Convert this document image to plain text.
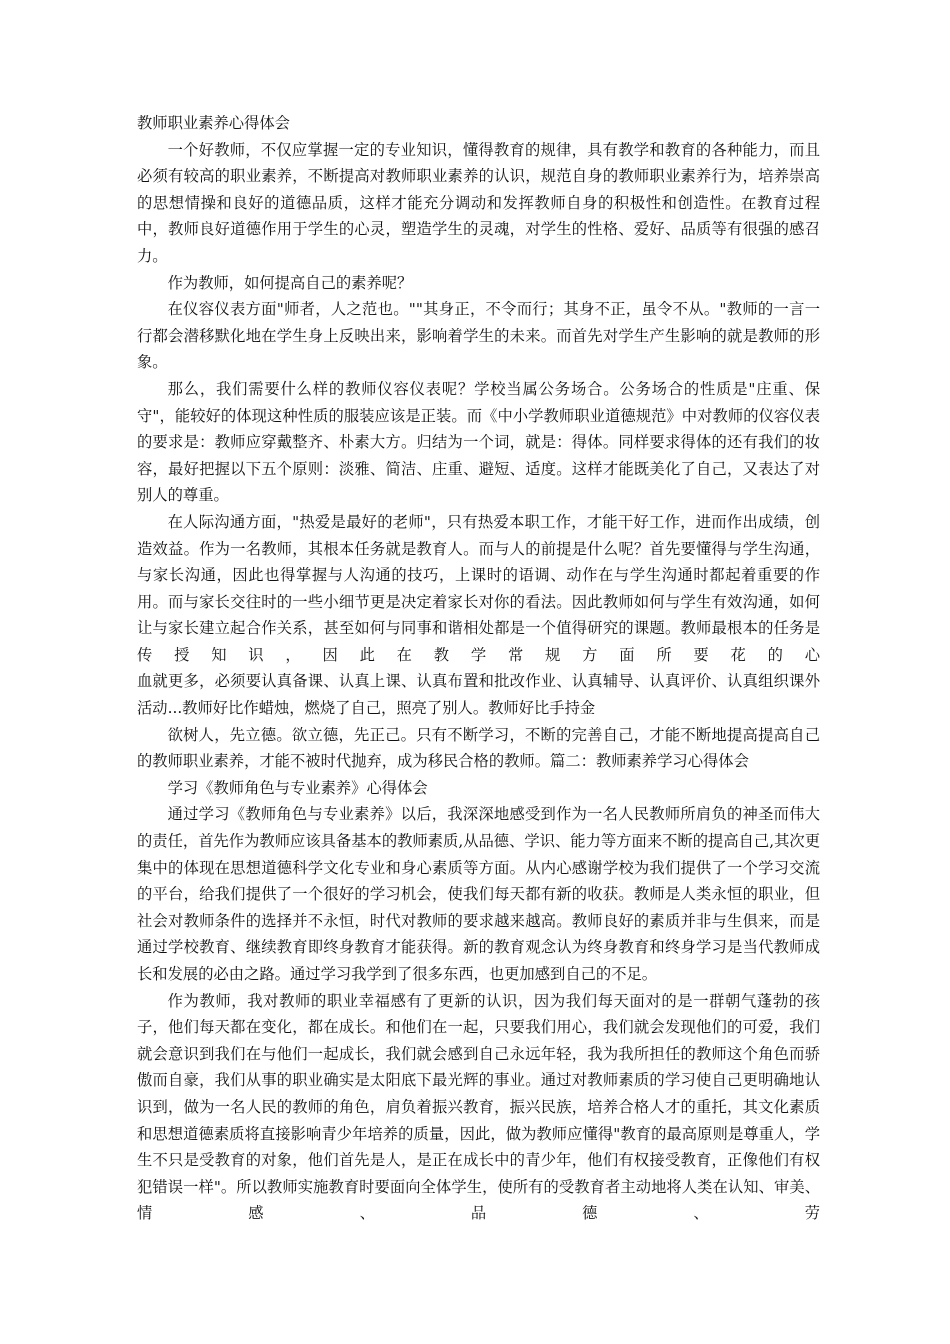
教师职业素养心得体会

一个好教师，不仅应掌握一定的专业知识，懂得教育的规律，具有教学和教育的各种能力，而且必须有较高的职业素养，不断提高对教师职业素养的认识，规范自身的教师职业素养行为，培养崇高的思想情操和良好的道德品质，这样才能充分调动和发挥教师自身的积极性和创造性。在教育过程中，教师良好道德作用于学生的心灵，塑造学生的灵魂，对学生的性格、爱好、品质等有很强的感召力。

作为教师，如何提高自己的素养呢？

在仪容仪表方面"师者，人之范也。""其身正，不令而行；其身不正，虽令不从。"教师的一言一行都会潜移默化地在学生身上反映出来，影响着学生的未来。而首先对学生产生影响的就是教师的形象。

那么，我们需要什么样的教师仪容仪表呢？学校当属公务场合。公务场合的性质是"庄重、保守"，能较好的体现这种性质的服装应该是正装。而《中小学教师职业道德规范》中对教师的仪容仪表的要求是：教师应穿戴整齐、朴素大方。归结为一个词，就是：得体。同样要求得体的还有我们的妆容，最好把握以下五个原则：淡雅、简洁、庄重、避短、适度。这样才能既美化了自己，又表达了对别人的尊重。

在人际沟通方面，"热爱是最好的老师"，只有热爱本职工作，才能干好工作，进而作出成绩，创造效益。作为一名教师，其根本任务就是教育人。而与人的前提是什么呢？首先要懂得与学生沟通，与家长沟通，因此也得掌握与人沟通的技巧，上课时的语调、动作在与学生沟通时都起着重要的作用。而与家长交往时的一些小细节更是决定着家长对你的看法。因此教师如何与学生有效沟通，如何让与家长建立起合作关系，甚至如何与同事和谐相处都是一个值得研究的课题。教师最根本的任务是传授知识，因此在教学常规方面所要花的心

血就更多，必须要认真备课、认真上课、认真布置和批改作业、认真辅导、认真评价、认真组织课外活动...教师好比作蜡烛，燃烧了自己，照亮了别人。教师好比手持金

欲树人，先立德。欲立德，先正己。只有不断学习，不断的完善自己，才能不断地提高提高自己的教师职业素养，才能不被时代抛弃，成为移民合格的教师。篇二：教师素养学习心得体会

学习《教师角色与专业素养》心得体会

通过学习《教师角色与专业素养》以后，我深深地感受到作为一名人民教师所肩负的神圣而伟大的责任，首先作为教师应该具备基本的教师素质,从品德、学识、能力等方面来不断的提高自己,其次更集中的体现在思想道德科学文化专业和身心素质等方面。从内心感谢学校为我们提供了一个学习交流的平台，给我们提供了一个很好的学习机会，使我们每天都有新的收获。教师是人类永恒的职业，但社会对教师条件的选择并不永恒，时代对教师的要求越来越高。教师良好的素质并非与生俱来，而是通过学校教育、继续教育即终身教育才能获得。新的教育观念认为终身教育和终身学习是当代教师成长和发展的必由之路。通过学习我学到了很多东西，也更加感到自己的不足。

作为教师，我对教师的职业幸福感有了更新的认识，因为我们每天面对的是一群朝气蓬勃的孩子，他们每天都在变化，都在成长。和他们在一起，只要我们用心，我们就会发现他们的可爱，我们就会意识到我们在与他们一起成长，我们就会感到自己永远年轻，我为我所担任的教师这个角色而骄傲而自豪，我们从事的职业确实是太阳底下最光辉的事业。通过对教师素质的学习使自己更明确地认识到，做为一名人民的教师的角色，肩负着振兴教育，振兴民族，培养合格人才的重托，其文化素质和思想道德素质将直接影响青少年培养的质量，因此，做为教师应懂得"教育的最高原则是尊重人，学生不只是受教育的对象，他们首先是人，是正在成长中的青少年，他们有权接受教育，正像他们有权犯错误一样"。所以教师实施教育时要面向全体学生，使所有的受教育者主动地将人类在认知、审美、情感、品德、劳
